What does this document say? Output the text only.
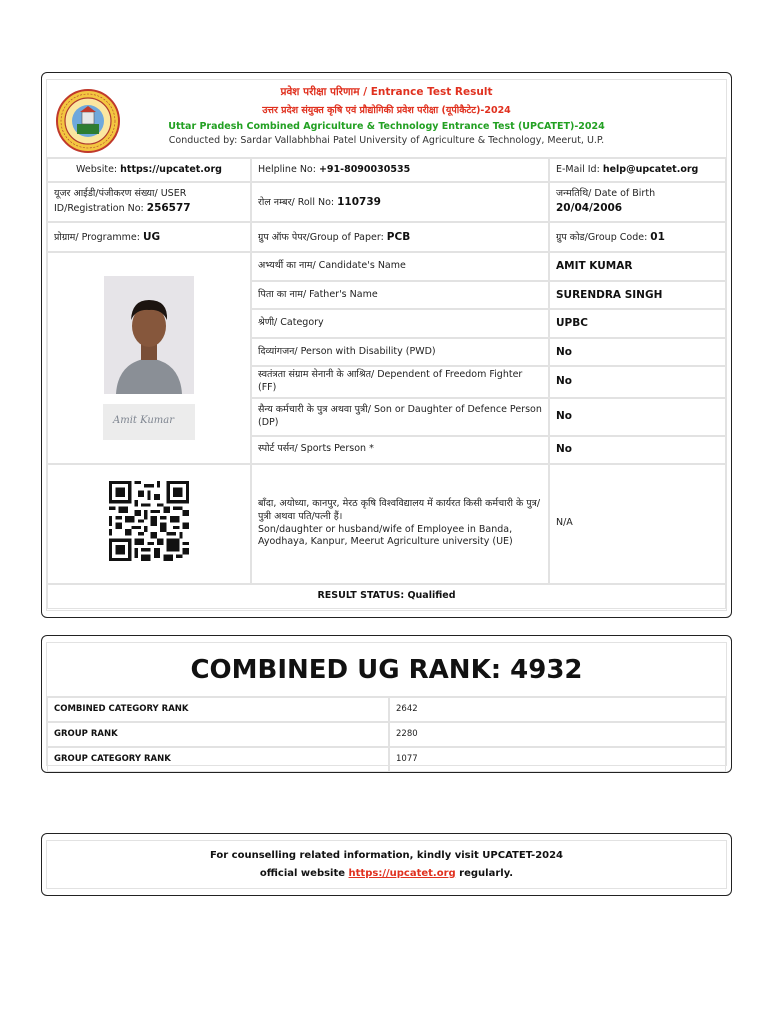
प्रवेश परीक्षा परिणाम / Entrance Test Result
उत्तर प्रदेश संयुक्त कृषि एवं प्रौद्योगिकी प्रवेश परीक्षा (यूपीकैटेट)-2024
Uttar Pradesh Combined Agriculture & Technology Entrance Test (UPCATET)-2024
Conducted by: Sardar Vallabhbhai Patel University of Agriculture & Technology, Meerut, U.P.
Website: https://upcatet.org	Helpline No: +91-8090030535	E-Mail Id: help@upcatet.org
यूजर आईडी/पंजीकरण संख्या/ USER ID/Registration No: 256577	रोल नम्बर/ Roll No: 110739	जन्मतिथि/ Date of Birth
20/04/2006
प्रोग्राम/ Programme: UG	ग्रुप ऑफ पेपर/Group of Paper: PCB	ग्रुप कोड/Group Code: 01

Amit Kumar	अभ्यर्थी का नाम/ Candidate's Name	AMIT KUMAR
	पिता का नाम/ Father's Name	SURENDRA SINGH
	श्रेणी/ Category	UPBC
	दिव्यांगजन/ Person with Disability (PWD)	No
	स्वतंत्रता संग्राम सेनानी के आश्रित/ Dependent of Freedom Fighter (FF)	No
	सैन्य कर्मचारी के पुत्र अथवा पुत्री/ Son or Daughter of Defence Person (DP)	No
	स्पोर्ट पर्सन/ Sports Person *	No

बाँदा, अयोध्या, कानपुर, मेरठ कृषि विश्वविद्यालय में कार्यरत किसी कर्मचारी के पुत्र/पुत्री अथवा पति/पत्नी हैं।
Son/daughter or husband/wife of Employee in Banda, Ayodhaya, Kanpur, Meerut Agriculture university (UE)	N/A
RESULT STATUS: Qualified		
COMBINED UG RANK: 4932
COMBINED CATEGORY RANK	2642
GROUP RANK	2280
GROUP CATEGORY RANK	1077
For counselling related information, kindly visit UPCATET-2024
official website https://upcatet.org regularly.
